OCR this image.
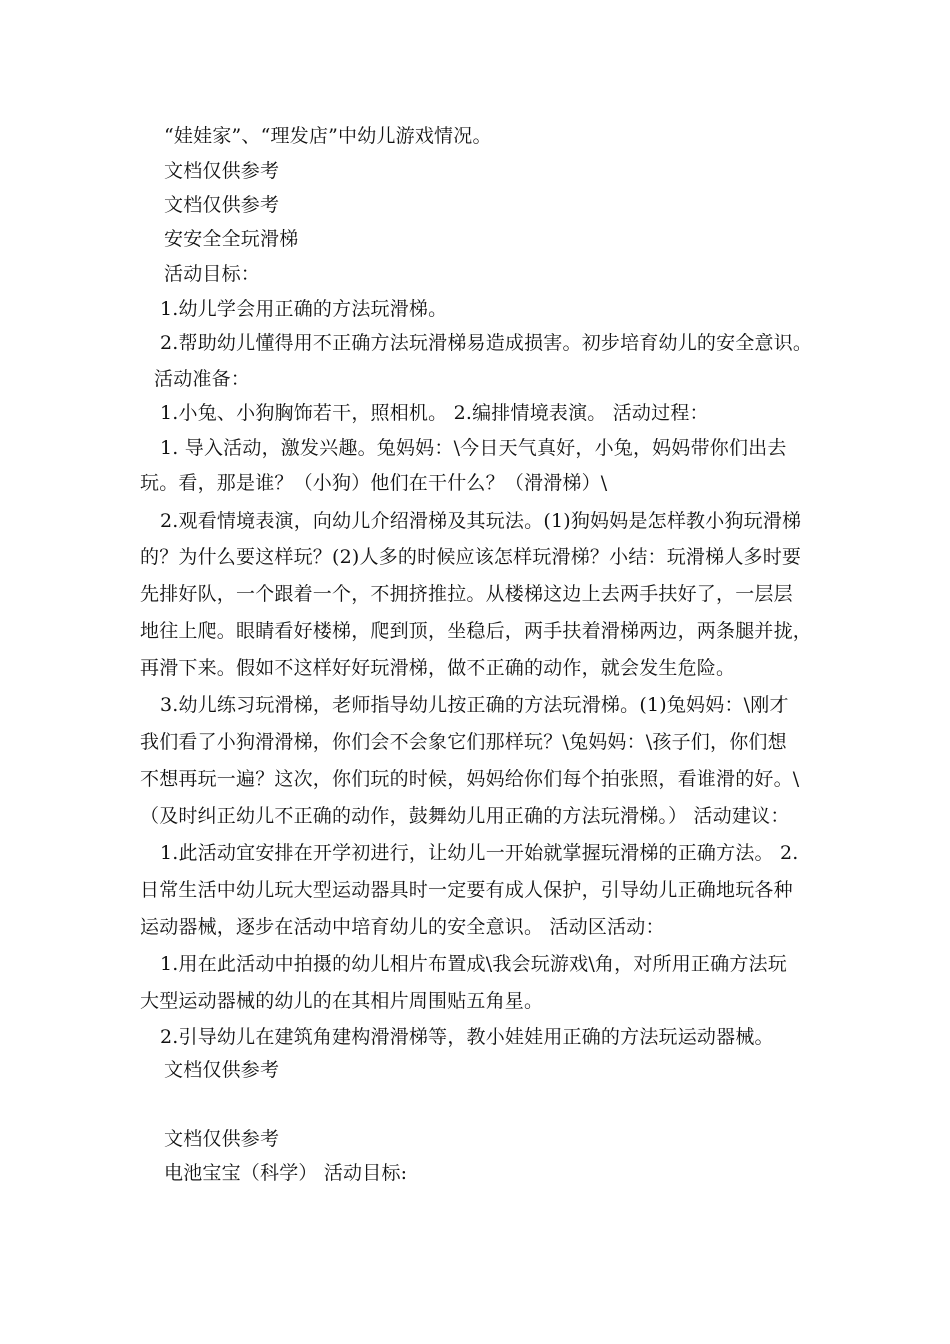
“娃娃家”、“理发店”中幼儿游戏情况。
文档仅供参考
文档仅供参考
安安全全玩滑梯
活动目标：
1.幼儿学会用正确的方法玩滑梯。
2.帮助幼儿懂得用不正确方法玩滑梯易造成损害。初步培育幼儿的安全意识。
活动准备：
1.小兔、小狗胸饰若干，照相机。 2.编排情境表演。 活动过程：
1. 导入活动，激发兴趣。兔妈妈：\今日天气真好，小兔，妈妈带你们出去
玩。看，那是谁？（小狗）他们在干什么？（滑滑梯）\
2.观看情境表演，向幼儿介绍滑梯及其玩法。(1)狗妈妈是怎样教小狗玩滑梯
的？为什么要这样玩？(2)人多的时候应该怎样玩滑梯？小结：玩滑梯人多时要
先排好队，一个跟着一个，不拥挤推拉。从楼梯这边上去两手扶好了，一层层
地往上爬。眼睛看好楼梯，爬到顶，坐稳后，两手扶着滑梯两边，两条腿并拢，
再滑下来。假如不这样好好玩滑梯，做不正确的动作，就会发生危险。
3.幼儿练习玩滑梯，老师指导幼儿按正确的方法玩滑梯。(1)兔妈妈：\刚才
我们看了小狗滑滑梯，你们会不会象它们那样玩？\兔妈妈：\孩子们，你们想
不想再玩一遍？这次，你们玩的时候，妈妈给你们每个拍张照，看谁滑的好。\
（及时纠正幼儿不正确的动作，鼓舞幼儿用正确的方法玩滑梯。） 活动建议：
1.此活动宜安排在开学初进行，让幼儿一开始就掌握玩滑梯的正确方法。 2.
日常生活中幼儿玩大型运动器具时一定要有成人保护，引导幼儿正确地玩各种
运动器械，逐步在活动中培育幼儿的安全意识。 活动区活动：
1.用在此活动中拍摄的幼儿相片布置成\我会玩游戏\角，对所用正确方法玩
大型运动器械的幼儿的在其相片周围贴五角星。
2.引导幼儿在建筑角建构滑滑梯等，教小娃娃用正确的方法玩运动器械。
文档仅供参考
文档仅供参考
电池宝宝（科学） 活动目标:
